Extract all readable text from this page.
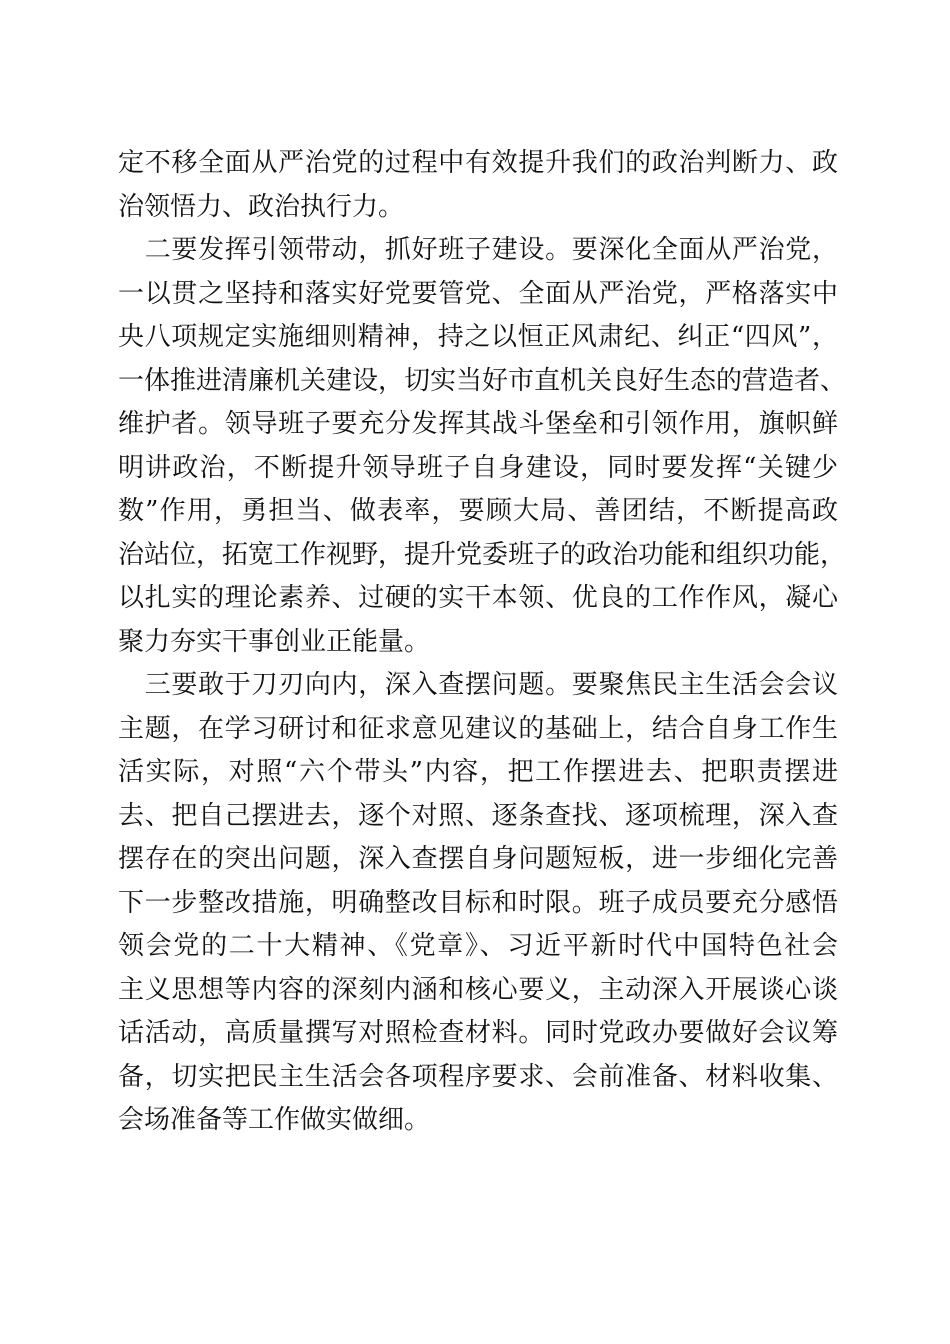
定不移全面从严治党的过程中有效提升我们的政治判断力、政
治领悟力、政治执行力。
　二要发挥引领带动，抓好班子建设。要深化全面从严治党，
一以贯之坚持和落实好党要管党、全面从严治党，严格落实中
央八项规定实施细则精神，持之以恒正风肃纪、纠正“四风”，
一体推进清廉机关建设，切实当好市直机关良好生态的营造者、
维护者。领导班子要充分发挥其战斗堡垒和引领作用，旗帜鲜
明讲政治，不断提升领导班子自身建设，同时要发挥“关键少
数”作用，勇担当、做表率，要顾大局、善团结，不断提高政
治站位，拓宽工作视野，提升党委班子的政治功能和组织功能，
以扎实的理论素养、过硬的实干本领、优良的工作作风，凝心
聚力夯实干事创业正能量。
　三要敢于刀刃向内，深入查摆问题。要聚焦民主生活会会议
主题，在学习研讨和征求意见建议的基础上，结合自身工作生
活实际，对照“六个带头”内容，把工作摆进去、把职责摆进
去、把自己摆进去，逐个对照、逐条查找、逐项梳理，深入查
摆存在的突出问题，深入查摆自身问题短板，进一步细化完善
下一步整改措施，明确整改目标和时限。班子成员要充分感悟
领会党的二十大精神、《党章》、习近平新时代中国特色社会
主义思想等内容的深刻内涵和核心要义，主动深入开展谈心谈
话活动，高质量撰写对照检查材料。同时党政办要做好会议筹
备，切实把民主生活会各项程序要求、会前准备、材料收集、
会场准备等工作做实做细。
